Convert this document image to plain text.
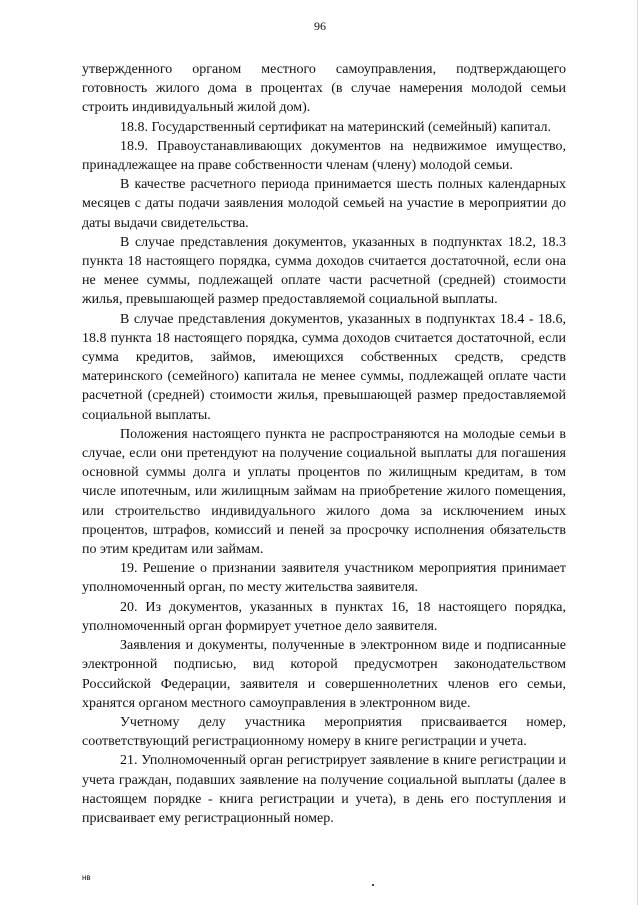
96

утвержденного органом местного самоуправления, подтверждающего готовность жилого дома в процентах (в случае намерения молодой семьи строить индивидуальный жилой дом).

18.8. Государственный сертификат на материнский (семейный) капитал.

18.9. Правоустанавливающих документов на недвижимое имущество, принадлежащее на праве собственности членам (члену) молодой семьи.

В качестве расчетного периода принимается шесть полных календарных месяцев с даты подачи заявления молодой семьей на участие в мероприятии до даты выдачи свидетельства.

В случае представления документов, указанных в подпунктах 18.2, 18.3 пункта 18 настоящего порядка, сумма доходов считается достаточной, если она не менее суммы, подлежащей оплате части расчетной (средней) стоимости жилья, превышающей размер предоставляемой социальной выплаты.

В случае представления документов, указанных в подпунктах 18.4 - 18.6, 18.8 пункта 18 настоящего порядка, сумма доходов считается достаточной, если сумма кредитов, займов, имеющихся собственных средств, средств материнского (семейного) капитала не менее суммы, подлежащей оплате части расчетной (средней) стоимости жилья, превышающей размер предоставляемой социальной выплаты.

Положения настоящего пункта не распространяются на молодые семьи в случае, если они претендуют на получение социальной выплаты для погашения основной суммы долга и уплаты процентов по жилищным кредитам, в том числе ипотечным, или жилищным займам на приобретение жилого помещения, или строительство индивидуального жилого дома за исключением иных процентов, штрафов, комиссий и пеней за просрочку исполнения обязательств по этим кредитам или займам.

19. Решение о признании заявителя участником мероприятия принимает уполномоченный орган, по месту жительства заявителя.

20. Из документов, указанных в пунктах 16, 18 настоящего порядка, уполномоченный орган формирует учетное дело заявителя.

Заявления и документы, полученные в электронном виде и подписанные электронной подписью, вид которой предусмотрен законодательством Российской Федерации, заявителя и совершеннолетних членов его семьи, хранятся органом местного самоуправления в электронном виде.

Учетному делу участника мероприятия присваивается номер, соответствующий регистрационному номеру в книге регистрации и учета.

21. Уполномоченный орган регистрирует заявление в книге регистрации и учета граждан, подавших заявление на получение социальной выплаты (далее в настоящем порядке - книга регистрации и учета), в день его поступления и присваивает ему регистрационный номер.

нв
